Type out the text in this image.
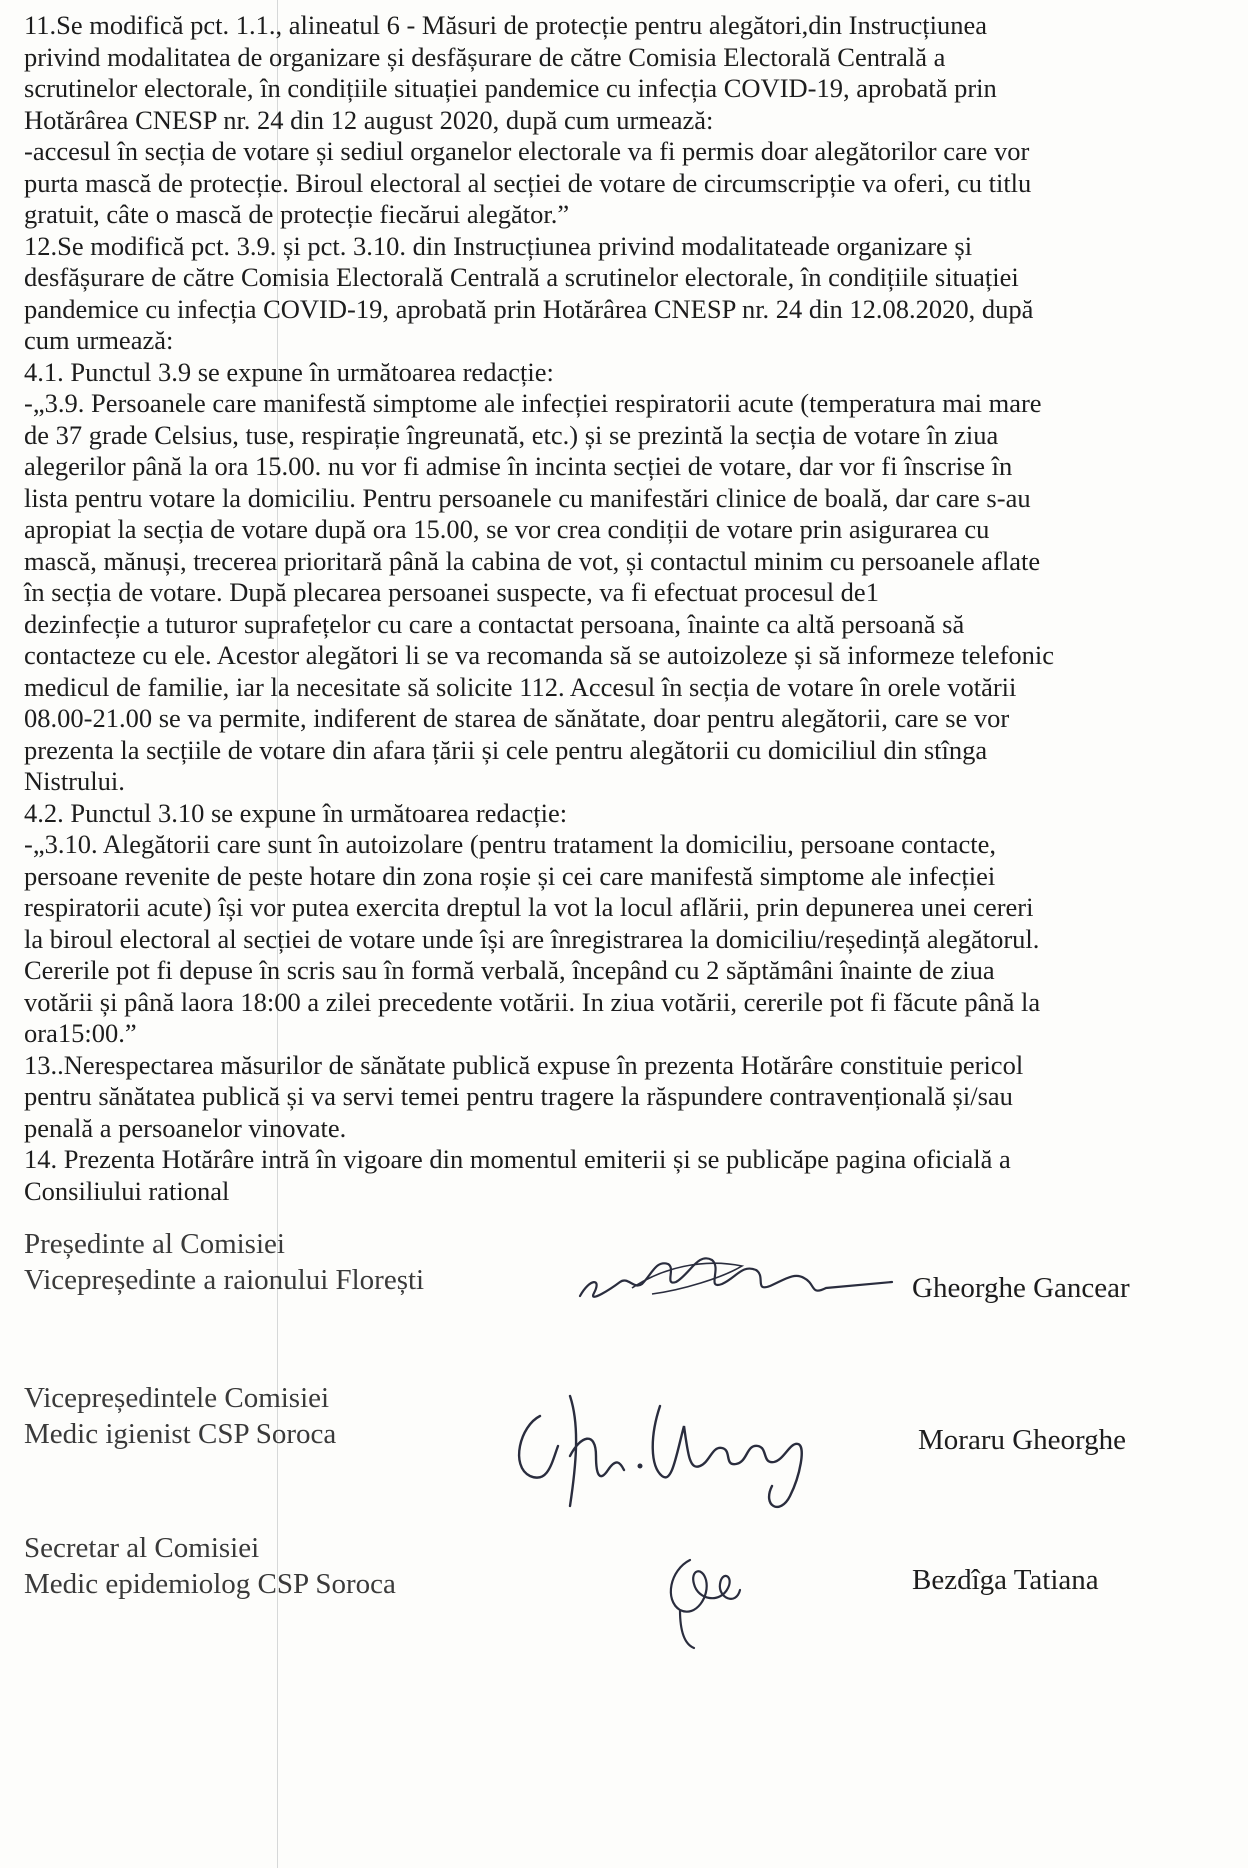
11.Se modifică pct. 1.1., alineatul 6 - Măsuri de protecție pentru alegători,din Instrucțiunea

privind modalitatea de organizare și desfășurare de către Comisia Electorală Centrală a

scrutinelor electorale, în condițiile situației pandemice cu infecția COVID-19, aprobată prin

Hotărârea CNESP nr. 24 din 12 august 2020, după cum urmează:

-accesul în secția de votare și sediul organelor electorale va fi permis doar alegătorilor care vor

purta mască de protecție. Biroul electoral al secției de votare de circumscripție va oferi, cu titlu

gratuit, câte o mască de protecție fiecărui alegător.”

12.Se modifică pct. 3.9. și pct. 3.10. din Instrucțiunea privind modalitateade organizare și

desfășurare de către Comisia Electorală Centrală a scrutinelor electorale, în condițiile situației

pandemice cu infecția COVID-19, aprobată prin Hotărârea CNESP nr. 24 din 12.08.2020, după

cum urmează:

4.1. Punctul 3.9 se expune în următoarea redacție:

-„3.9. Persoanele care manifestă simptome ale infecției respiratorii acute (temperatura mai mare

de 37 grade Celsius, tuse, respirație îngreunată, etc.) și se prezintă la secția de votare în ziua

alegerilor până la ora 15.00. nu vor fi admise în incinta secției de votare, dar vor fi înscrise în

lista pentru votare la domiciliu. Pentru persoanele cu manifestări clinice de boală, dar care s-au

apropiat la secția de votare după ora 15.00, se vor crea condiții de votare prin asigurarea cu

mască, mănuși, trecerea prioritară până la cabina de vot, și contactul minim cu persoanele aflate

în secția de votare. După plecarea persoanei suspecte, va fi efectuat procesul de1

dezinfecție a tuturor suprafețelor cu care a contactat persoana, înainte ca altă persoană să

contacteze cu ele. Acestor alegători li se va recomanda să se autoizoleze și să informeze telefonic

medicul de familie, iar la necesitate să solicite 112. Accesul în secția de votare în orele votării

08.00-21.00 se va permite, indiferent de starea de sănătate, doar pentru alegătorii, care se vor

prezenta la secțiile de votare din afara țării și cele pentru alegătorii cu domiciliul din stînga

Nistrului.

4.2. Punctul 3.10 se expune în următoarea redacție:

-„3.10. Alegătorii care sunt în autoizolare (pentru tratament la domiciliu, persoane contacte,

persoane revenite de peste hotare din zona roșie și cei care manifestă simptome ale infecției

respiratorii acute) își vor putea exercita dreptul la vot la locul aflării, prin depunerea unei cereri

la biroul electoral al secției de votare unde își are înregistrarea la domiciliu/reședință alegătorul.

Cererile pot fi depuse în scris sau în formă verbală, începând cu 2 săptămâni înainte de ziua

votării și până laora 18:00 a zilei precedente votării. In ziua votării, cererile pot fi făcute până la

ora15:00.”

13..Nerespectarea măsurilor de sănătate publică expuse în prezenta Hotărâre constituie pericol

pentru sănătatea publică și va servi temei pentru tragere la răspundere contravențională și/sau

penală a persoanelor vinovate.

14. Prezenta Hotărâre intră în vigoare din momentul emiterii și se publicăpe pagina oficială a

Consiliului rational

Președinte al Comisiei
Vicepreședinte a raionului Florești	Gheorghe Gancear
Vicepreședintele Comisiei
Medic igienist CSP Soroca	Moraru Gheorghe
Secretar al Comisiei
Medic epidemiolog CSP Soroca	Bezdîga Tatiana
